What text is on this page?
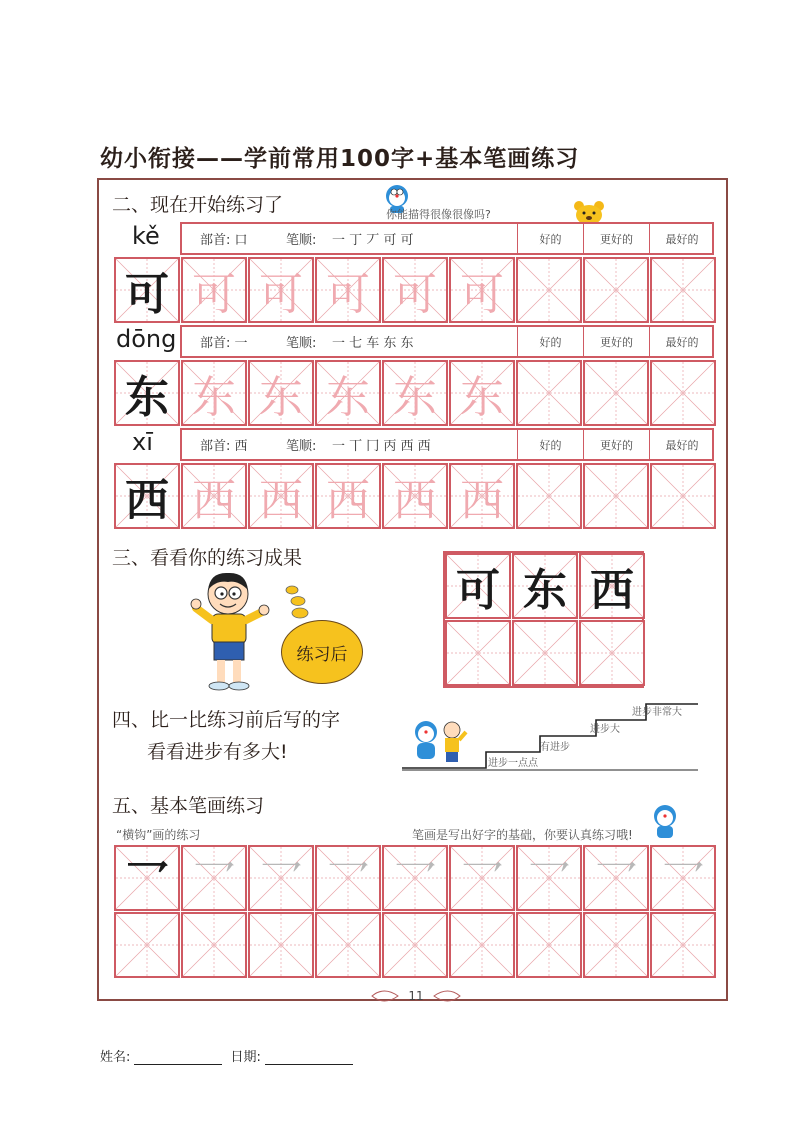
幼小衔接——学前常用100字+基本笔画练习
二、现在开始练习了	你能描得很像很像吗?
kě	部首: 口	笔顺: 一 丁 丆 可 可	好的	更好的	最好的
可 可 可 可 可 可
dōng 部首: 一	笔顺: 一 七 车 东 东	好的	更好的	最好的
东 东 东 东 东 东
xī	部首: 西	笔顺: 一 丅 冂 丙 西 西	好的	更好的	最好的
西 西 西 西 西 西
三、看看你的练习成果
练习后
可 东 西
四、比一比练习前后写的字
看看进步有多大!
进步一点点
有进步
进步大
进步非常大
五、基本笔画练习
“横钩”画的练习	笔画是写出好字的基础，你要认真练习哦!
乛 乛 乛 乛 乛 乛 乛 乛 乛
11
姓名:	日期:
